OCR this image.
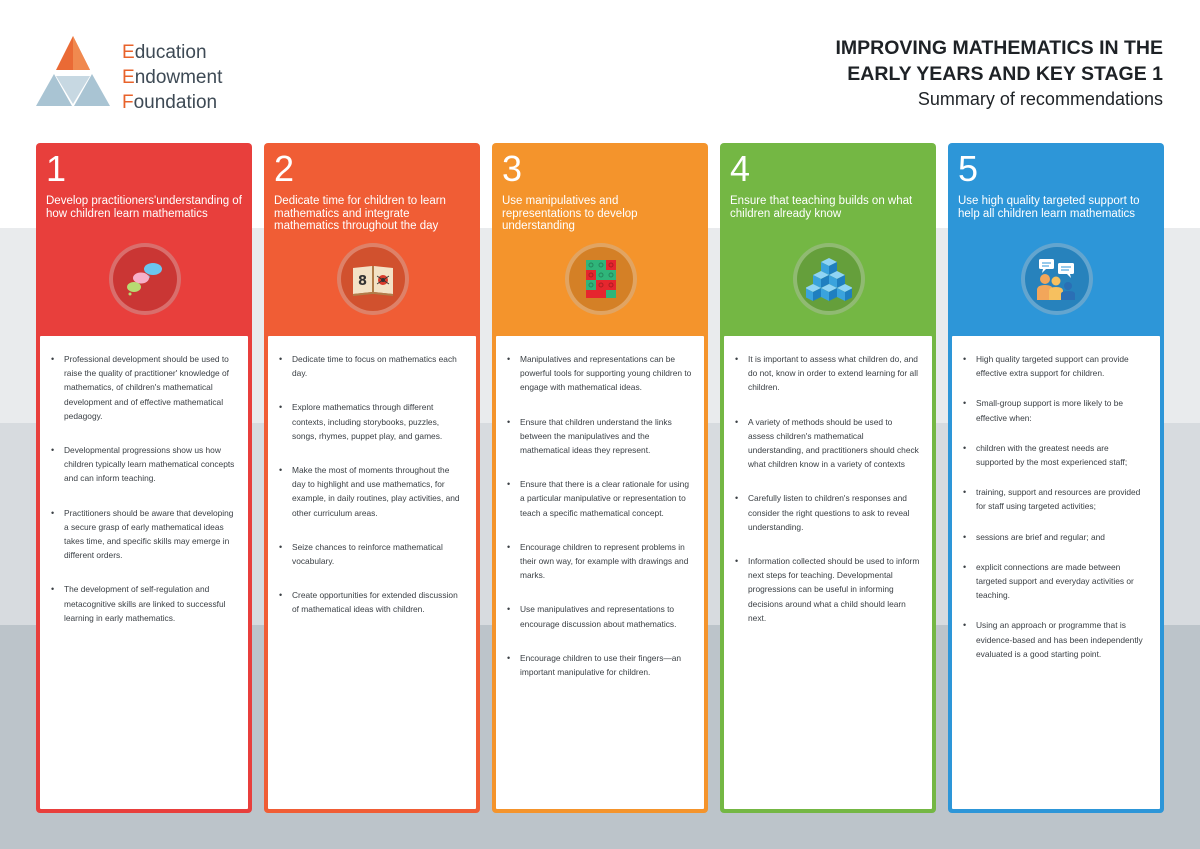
Education
Endowment
Foundation
IMPROVING MATHEMATICS IN THE
EARLY YEARS AND KEY STAGE 1
Summary of recommendations
1
Develop practitioners'understanding of how children learn mathematics
• Professional development should be used to raise the quality of practitioner' knowledge of mathematics, of children's mathematical development and of effective mathematical pedagogy.
• Developmental progressions show us how children typically learn mathematical concepts and can inform teaching.
• Practitioners should be aware that developing a secure grasp of early mathematical ideas takes time, and specific skills may emerge in different orders.
• The development of self-regulation and metacognitive skills are linked to successful learning in early mathematics.
2
Dedicate time for children to learn mathematics and integrate mathematics throughout the day
8
• Dedicate time to focus on mathematics each day.
• Explore mathematics through different contexts, including storybooks, puzzles, songs, rhymes, puppet play, and games.
• Make the most of moments throughout the day to highlight and use mathematics, for example, in daily routines, play activities, and other curriculum areas.
• Seize chances to reinforce mathematical vocabulary.
• Create opportunities for extended discussion of mathematical ideas with children.
3
Use manipulatives and representations to develop understanding
• Manipulatives and representations can be powerful tools for supporting young children to engage with mathematical ideas.
• Ensure that children understand the links between the manipulatives and the mathematical ideas they represent.
• Ensure that there is a clear rationale for using a particular manipulative or representation to teach a specific mathematical concept.
• Encourage children to represent problems in their own way, for example with drawings and marks.
• Use manipulatives and representations to encourage discussion about mathematics.
• Encourage children to use their fingers—an important manipulative for children.
4
Ensure that teaching builds on what children already know
• It is important to assess what children do, and do not, know in order to extend learning for all children.
• A variety of methods should be used to assess children's mathematical understanding, and practitioners should check what children know in a variety of contexts
• Carefully listen to children's responses and consider the right questions to ask to reveal understanding.
• Information collected should be used to inform next steps for teaching. Developmental progressions can be useful in informing decisions around what a child should learn next.
5
Use high quality targeted support to help all children learn mathematics
• High quality targeted support can provide effective extra support for children.
• Small-group support is more likely to be effective when:
• children with the greatest needs are supported by the most experienced staff;
• training, support and resources are provided for staff using targeted activities;
• sessions are brief and regular; and
• explicit connections are made between targeted support and everyday activities or teaching.
• Using an approach or programme that is evidence-based and has been independently evaluated is a good starting point.
